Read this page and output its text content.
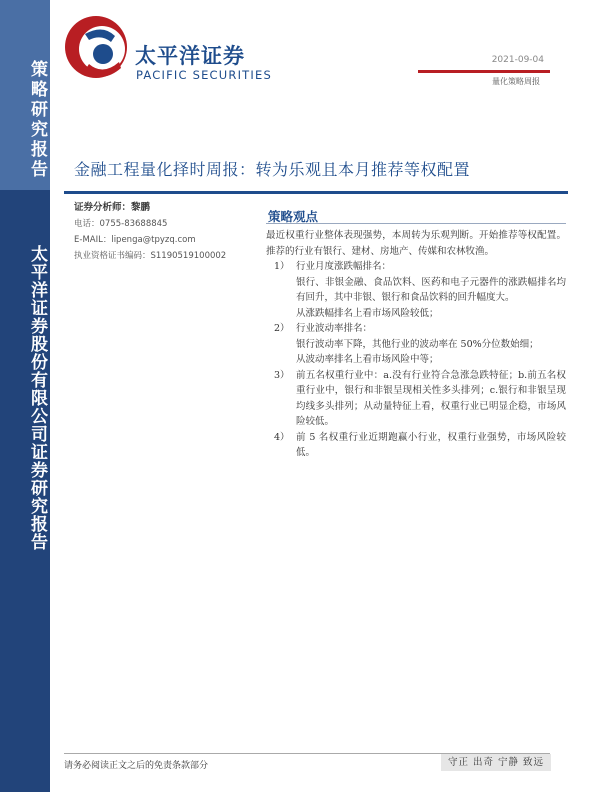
策略研究报告
太平洋证券股份有限公司证券研究报告
太平洋证券
PACIFIC SECURITIES
2021-09-04
量化策略周报
金融工程量化择时周报：转为乐观且本月推荐等权配置
证券分析师：黎鹏
电话：0755-83688845
E-MAIL：lipenga@tpyzq.com
执业资格证书编码：S1190519100002
策略观点

最近权重行业整体表现强势，本周转为乐观判断。开始推荐等权配置。推荐的行业有银行、建材、房地产、传媒和农林牧渔。

1） 行业月度涨跌幅排名：

银行、非银金融、食品饮料、医药和电子元器件的涨跌幅排名均有回升，其中非银、银行和食品饮料的回升幅度大。

从涨跌幅排名上看市场风险较低；

2） 行业波动率排名：

银行波动率下降，其他行业的波动率在 50%分位数始细；

从波动率排名上看市场风险中等；

3） 前五名权重行业中：a.没有行业符合急涨急跌特征；b.前五名权重行业中，银行和非银呈现相关性多头排列；c.银行和非银呈现均线多头排列；从动量特征上看，权重行业已明显企稳，市场风险较低。
4） 前 5 名权重行业近期跑赢小行业，权重行业强势，市场风险较低。
请务必阅读正文之后的免责条款部分	守正 出奇 宁静 致远
